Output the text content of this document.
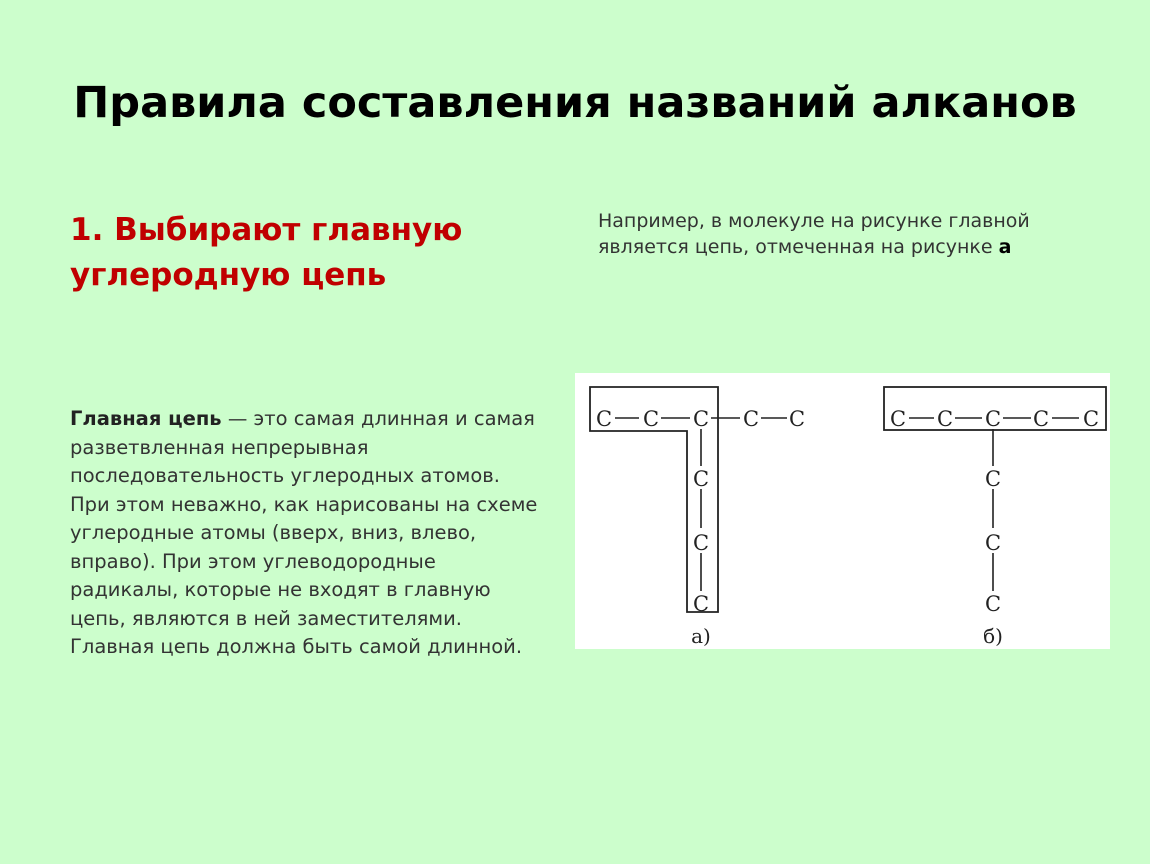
Правила составления названий алканов
1. Выбирают главную углеродную цепь
Например, в молекуле на рисунке главной является цепь, отмеченная на рисунке а
Главная цепь — это самая длинная и самая разветвленная непрерывная последовательность углеродных атомов. При этом неважно, как нарисованы на схеме углеродные атомы (вверх, вниз, влево, вправо). При этом углеводородные радикалы, которые не входят в главную цепь, являются в ней заместителями. Главная цепь должна быть самой длинной.
C C C C C
C
C
C
а)
C C C C C
C
C
C
б)
